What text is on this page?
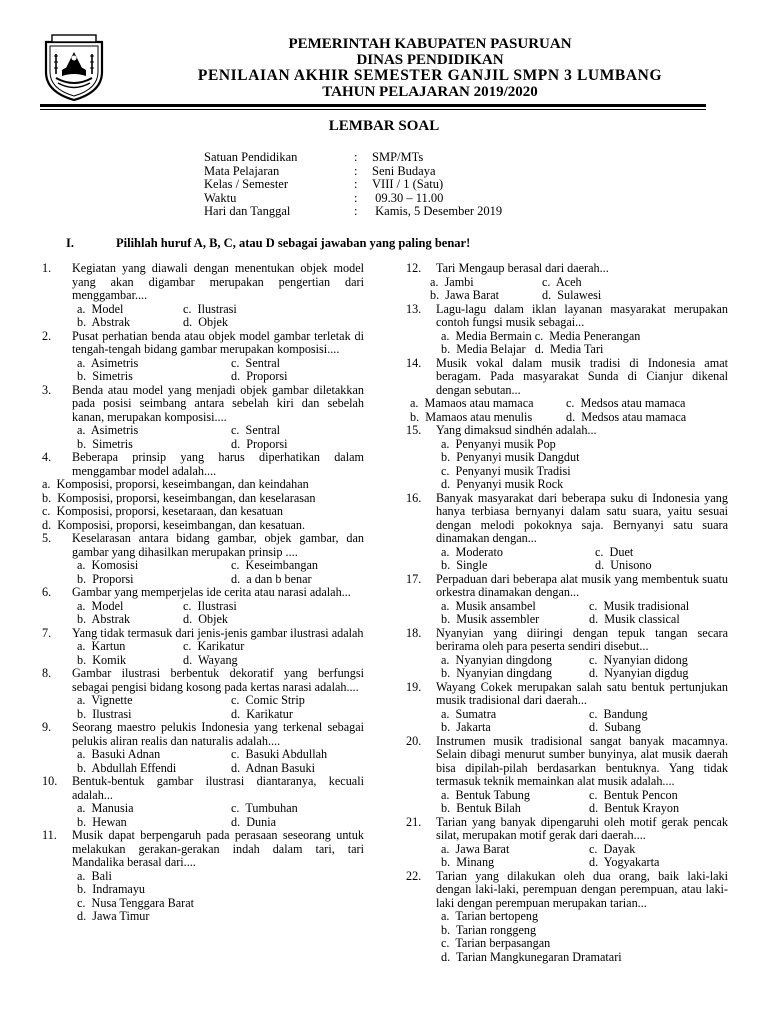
PEMERINTAH KABUPATEN PASURUAN
DINAS PENDIDIKAN
PENILAIAN AKHIR SEMESTER GANJIL SMPN 3 LUMBANG
TAHUN PELAJARAN 2019/2020
LEMBAR SOAL
Satuan Pendidikan	:	SMP/MTs
Mata Pelajaran	:	Seni Budaya
Kelas / Semester	:	VIII / 1 (Satu)
Waktu	:	09.30 – 11.00
Hari dan Tanggal	:	Kamis, 5 Desember 2019
I.	Pilihlah huruf A, B, C, atau D sebagai jawaban yang paling benar!
1.	Kegiatan yang diawali dengan menentukan objek model yang akan digambar merupakan pengertian dari menggambar....
a.  Model	c.  Ilustrasi
b.  Abstrak	d.  Objek
2.	Pusat perhatian benda atau objek model gambar terletak di tengah-tengah bidang gambar merupakan komposisi....
a.  Asimetris	c.  Sentral
b.  Simetris	d.  Proporsi
3.	Benda atau model yang menjadi objek gambar diletakkan pada posisi seimbang antara sebelah kiri dan sebelah kanan, merupakan komposisi....
a.  Asimetris	c.  Sentral
b.  Simetris	d.  Proporsi
4.	Beberapa prinsip yang harus diperhatikan dalam menggambar model adalah....
a.  Komposisi, proporsi, keseimbangan, dan keindahan
b.  Komposisi, proporsi, keseimbangan, dan keselarasan
c.  Komposisi, proporsi, kesetaraan, dan kesatuan
d.  Komposisi, proporsi, keseimbangan, dan kesatuan.
5.	Keselarasan antara bidang gambar, objek gambar, dan gambar yang dihasilkan merupakan prinsip ....
a.  Komosisi	c.  Keseimbangan
b.  Proporsi	d.  a dan b benar
6.	Gambar yang memperjelas ide cerita atau narasi adalah...
a.  Model	c.  Ilustrasi
b.  Abstrak	d.  Objek
7.	Yang tidak termasuk dari jenis-jenis gambar ilustrasi adalah
a.  Kartun	c.  Karikatur
b.  Komik	d.  Wayang
8.	Gambar ilustrasi berbentuk dekoratif yang berfungsi sebagai pengisi bidang kosong pada kertas narasi adalah....
a.  Vignette	c.  Comic Strip
b.  Ilustrasi	d.  Karikatur
9.	Seorang maestro pelukis Indonesia yang terkenal sebagai pelukis aliran realis dan naturalis adalah....
a.  Basuki Adnan	c.  Basuki Abdullah
b.  Abdullah Effendi	d.  Adnan Basuki
10.	Bentuk-bentuk gambar ilustrasi diantaranya, kecuali adalah...
a.  Manusia	c.  Tumbuhan
b.  Hewan	d.  Dunia
11.	Musik dapat berpengaruh pada perasaan seseorang untuk melakukan gerakan-gerakan indah dalam tari, tari Mandalika berasal dari....
a.  Bali
b.  Indramayu
c.  Nusa Tenggara Barat
d.  Jawa Timur
12.	Tari Mengaup berasal dari daerah...
a.  Jambi	c.  Aceh
b.  Jawa Barat	d.  Sulawesi
13.	Lagu-lagu dalam iklan layanan masyarakat merupakan contoh fungsi musik sebagai...
a.  Media Bermain c.  Media Penerangan
b.  Media Belajar   d.  Media Tari
14.	Musik vokal dalam musik tradisi di Indonesia amat beragam. Pada masyarakat Sunda di Cianjur dikenal dengan sebutan...
a.  Mamaos atau mamaca	c.  Medsos atau mamaca
b.  Mamaos atau menulis	d.  Medsos atau mamaca
15.	Yang dimaksud sindhén adalah...
a.  Penyanyi musik Pop
b.  Penyanyi musik Dangdut
c.  Penyanyi musik Tradisi
d.  Penyanyi musik Rock
16.	Banyak masyarakat dari beberapa suku di Indonesia yang hanya terbiasa bernyanyi dalam satu suara, yaitu sesuai dengan melodi pokoknya saja. Bernyanyi satu suara dinamakan dengan...
a.  Moderato	c.  Duet
b.  Single	d.  Unisono
17.	Perpaduan dari beberapa alat musik yang membentuk suatu orkestra dinamakan dengan...
a.  Musik ansambel	c.  Musik tradisional
b.  Musik assembler	d.  Musik classical
18.	Nyanyian yang diiringi dengan tepuk tangan secara berirama oleh para peserta sendiri disebut...
a.  Nyanyian dingdong	c.  Nyanyian didong
b.  Nyanyian dingdang	d.  Nyanyian digdug
19.	Wayang Cokek merupakan salah satu bentuk pertunjukan musik tradisional dari daerah...
a.  Sumatra	c.  Bandung
b.  Jakarta	d.  Subang
20.	Instrumen musik tradisional sangat banyak macamnya. Selain dibagi menurut sumber bunyinya, alat musik daerah bisa dipilah-pilah berdasarkan bentuknya. Yang tidak termasuk teknik memainkan alat musik adalah....
a.  Bentuk Tabung	c.  Bentuk Pencon
b.  Bentuk Bilah	d.  Bentuk Krayon
21.	Tarian yang banyak dipengaruhi oleh motif gerak pencak silat, merupakan motif gerak dari daerah....
a.  Jawa Barat	c.  Dayak
b.  Minang	d.  Yogyakarta
22.	Tarian yang dilakukan oleh dua orang, baik laki-laki dengan laki-laki, perempuan dengan perempuan, atau laki-laki dengan perempuan merupakan tarian...
a.  Tarian bertopeng
b.  Tarian ronggeng
c.  Tarian berpasangan
d.  Tarian Mangkunegaran Dramatari
